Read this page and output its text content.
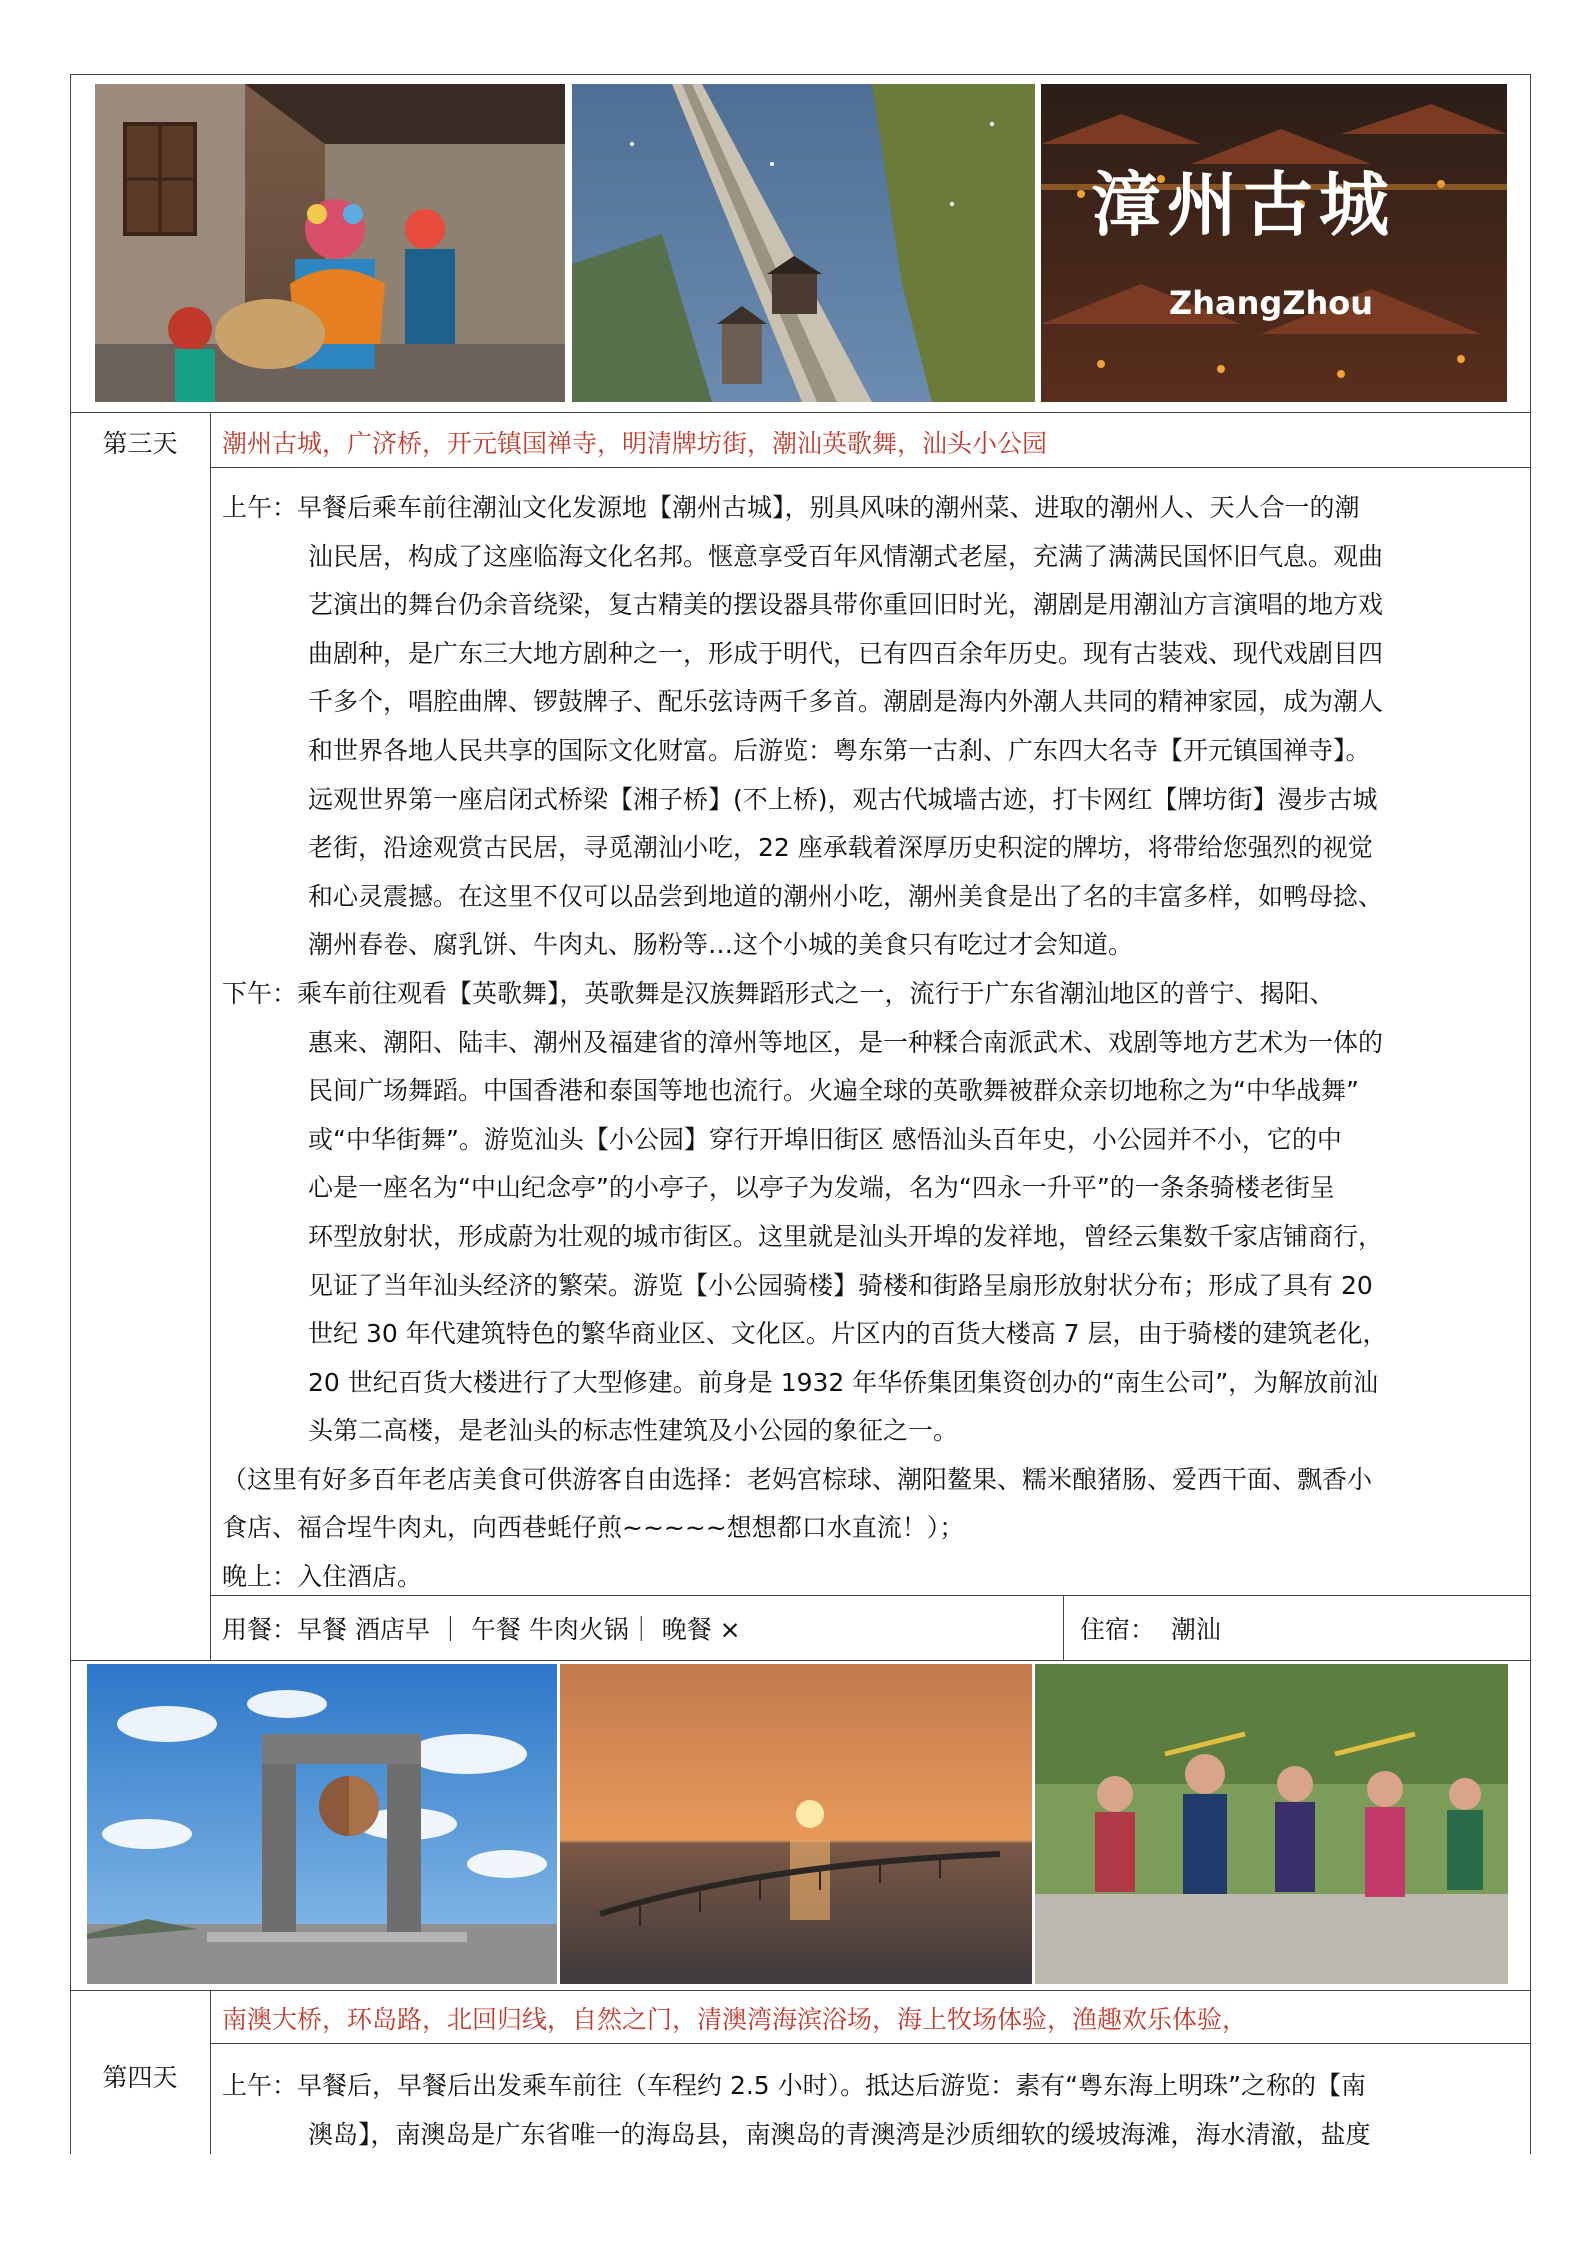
漳州古城
ZhangZhou
第三天	潮州古城，广济桥，开元镇国禅寺，明清牌坊街，潮汕英歌舞，汕头小公园
上午：早餐后乘车前往潮汕文化发源地【潮州古城】，别具风味的潮州菜、进取的潮州人、天人合一的潮
汕民居，构成了这座临海文化名邦。惬意享受百年风情潮式老屋，充满了满满民国怀旧气息。观曲
艺演出的舞台仍余音绕梁，复古精美的摆设器具带你重回旧时光，潮剧是用潮汕方言演唱的地方戏
曲剧种，是广东三大地方剧种之一，形成于明代，已有四百余年历史。现有古装戏、现代戏剧目四
千多个，唱腔曲牌、锣鼓牌子、配乐弦诗两千多首。潮剧是海内外潮人共同的精神家园，成为潮人
和世界各地人民共享的国际文化财富。后游览：粤东第一古刹、广东四大名寺【开元镇国禅寺】。
远观世界第一座启闭式桥梁【湘子桥】(不上桥)，观古代城墙古迹，打卡网红【牌坊街】漫步古城
老街，沿途观赏古民居，寻觅潮汕小吃，22 座承载着深厚历史积淀的牌坊，将带给您强烈的视觉
和心灵震撼。在这里不仅可以品尝到地道的潮州小吃，潮州美食是出了名的丰富多样，如鸭母捻、
潮州春卷、腐乳饼、牛肉丸、肠粉等…这个小城的美食只有吃过才会知道。
下午：乘车前往观看【英歌舞】，英歌舞是汉族舞蹈形式之一，流行于广东省潮汕地区的普宁、揭阳、
惠来、潮阳、陆丰、潮州及福建省的漳州等地区，是一种糅合南派武术、戏剧等地方艺术为一体的
民间广场舞蹈。中国香港和泰国等地也流行。火遍全球的英歌舞被群众亲切地称之为“中华战舞”
或“中华街舞”。游览汕头【小公园】穿行开埠旧街区 感悟汕头百年史，小公园并不小，它的中
心是一座名为“中山纪念亭”的小亭子，以亭子为发端，名为“四永一升平”的一条条骑楼老街呈
环型放射状，形成蔚为壮观的城市街区。这里就是汕头开埠的发祥地，曾经云集数千家店铺商行，
见证了当年汕头经济的繁荣。游览【小公园骑楼】骑楼和街路呈扇形放射状分布；形成了具有 20
世纪 30 年代建筑特色的繁华商业区、文化区。片区内的百货大楼高 7 层，由于骑楼的建筑老化，
20 世纪百货大楼进行了大型修建。前身是 1932 年华侨集团集资创办的“南生公司”，为解放前汕
头第二高楼，是老汕头的标志性建筑及小公园的象征之一。
（这里有好多百年老店美食可供游客自由选择：老妈宫棕球、潮阳鳌果、糯米酿猪肠、爱西干面、飘香小
食店、福合埕牛肉丸，向西巷蚝仔煎~~~~~想想都口水直流！）；
晚上：入住酒店。
用餐：早餐 酒店早 ｜ 午餐 牛肉火锅｜ 晚餐 ×	住宿：  潮汕
第四天
南澳大桥，环岛路，北回归线，自然之门，清澳湾海滨浴场，海上牧场体验，渔趣欢乐体验，
上午：早餐后，早餐后出发乘车前往（车程约 2.5 小时）。抵达后游览：素有“粤东海上明珠”之称的【南
澳岛】，南澳岛是广东省唯一的海岛县，南澳岛的青澳湾是沙质细软的缓坡海滩，海水清澈，盐度
